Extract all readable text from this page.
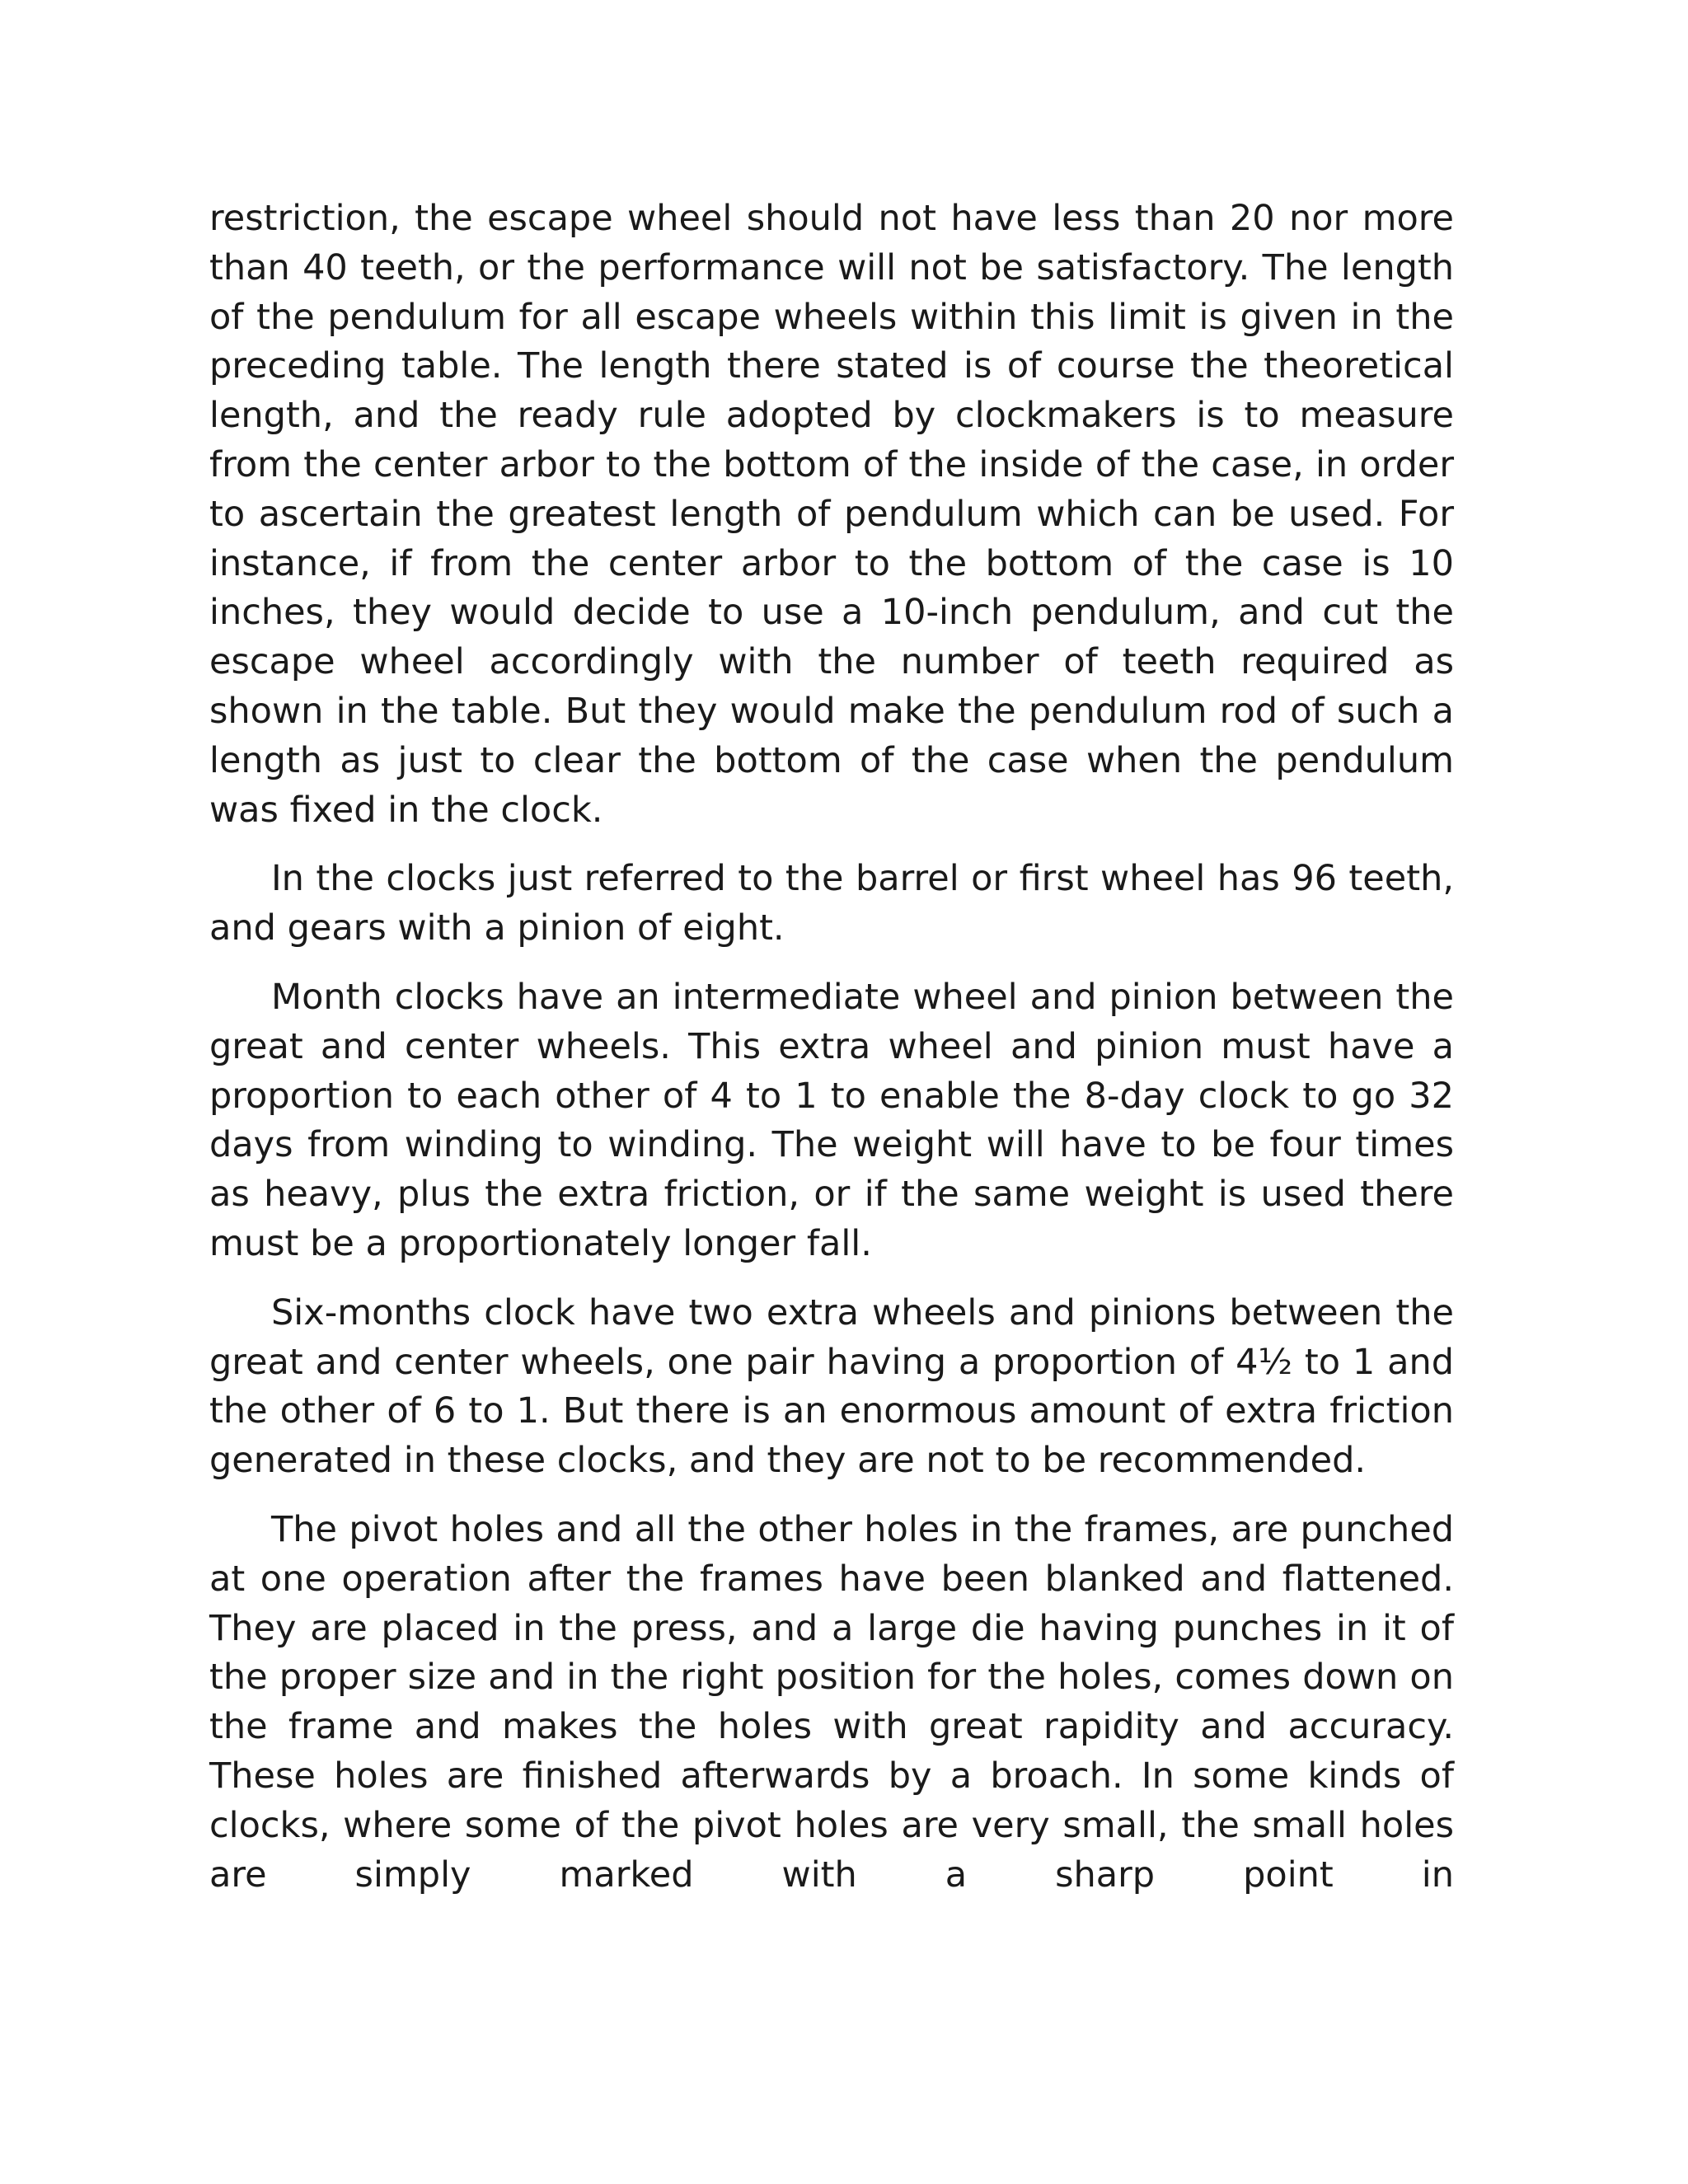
restriction, the escape wheel should not have less than 20 nor more than 40 teeth, or the performance will not be satisfactory. The length of the pendulum for all escape wheels within this limit is given in the preceding table. The length there stated is of course the theoretical length, and the ready rule adopted by clockmakers is to measure from the center arbor to the bottom of the inside of the case, in order to ascertain the greatest length of pendulum which can be used. For instance, if from the center arbor to the bottom of the case is 10 inches, they would decide to use a 10-inch pendulum, and cut the escape wheel accordingly with the number of teeth required as shown in the table. But they would make the pendulum rod of such a length as just to clear the bottom of the case when the pendulum was fixed in the clock.

In the clocks just referred to the barrel or first wheel has 96 teeth, and gears with a pinion of eight.

Month clocks have an intermediate wheel and pinion between the great and center wheels. This extra wheel and pinion must have a proportion to each other of 4 to 1 to enable the 8-day clock to go 32 days from winding to winding. The weight will have to be four times as heavy, plus the extra friction, or if the same weight is used there must be a proportionately longer fall.

Six-months clock have two extra wheels and pinions between the great and center wheels, one pair having a proportion of 4½ to 1 and the other of 6 to 1. But there is an enormous amount of extra friction generated in these clocks, and they are not to be recommended.

The pivot holes and all the other holes in the frames, are punched at one operation after the frames have been blanked and flattened. They are placed in the press, and a large die having punches in it of the proper size and in the right position for the holes, comes down on the frame and makes the holes with great rapidity and accuracy. These holes are finished afterwards by a broach. In some kinds of clocks, where some of the pivot holes are very small, the small holes are simply marked with a sharp point in
